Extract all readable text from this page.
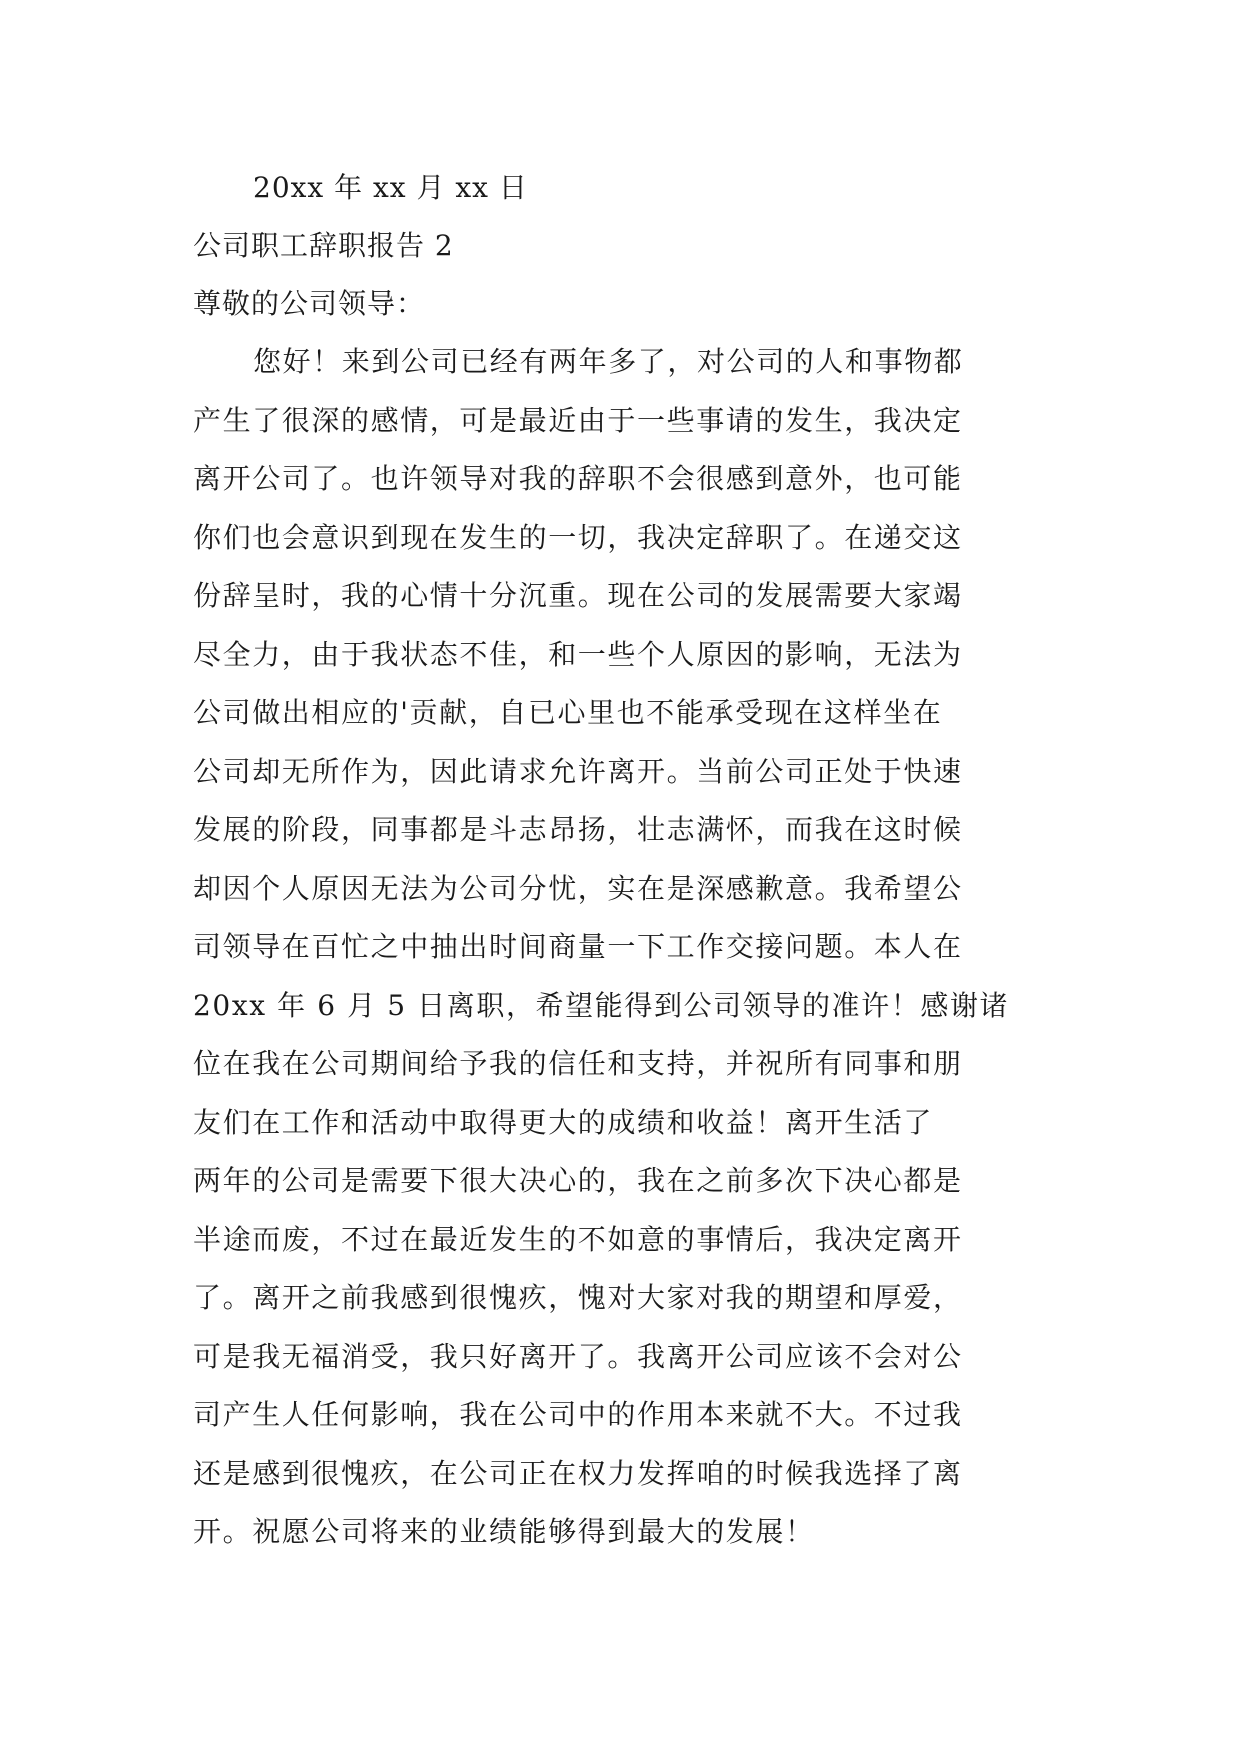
20xx 年 xx 月 xx 日
公司职工辞职报告 2
尊敬的公司领导：
您好！来到公司已经有两年多了，对公司的人和事物都
产生了很深的感情，可是最近由于一些事请的发生，我决定
离开公司了。也许领导对我的辞职不会很感到意外，也可能
你们也会意识到现在发生的一切，我决定辞职了。在递交这
份辞呈时，我的心情十分沉重。现在公司的发展需要大家竭
尽全力，由于我状态不佳，和一些个人原因的影响，无法为
公司做出相应的'贡献，自已心里也不能承受现在这样坐在
公司却无所作为，因此请求允许离开。当前公司正处于快速
发展的阶段，同事都是斗志昂扬，壮志满怀，而我在这时候
却因个人原因无法为公司分忧，实在是深感歉意。我希望公
司领导在百忙之中抽出时间商量一下工作交接问题。本人在
20xx 年 6 月 5 日离职，希望能得到公司领导的准许！感谢诸
位在我在公司期间给予我的信任和支持，并祝所有同事和朋
友们在工作和活动中取得更大的成绩和收益！离开生活了
两年的公司是需要下很大决心的，我在之前多次下决心都是
半途而废，不过在最近发生的不如意的事情后，我决定离开
了。离开之前我感到很愧疚，愧对大家对我的期望和厚爱，
可是我无福消受，我只好离开了。我离开公司应该不会对公
司产生人任何影响，我在公司中的作用本来就不大。不过我
还是感到很愧疚，在公司正在权力发挥咱的时候我选择了离
开。祝愿公司将来的业绩能够得到最大的发展！
